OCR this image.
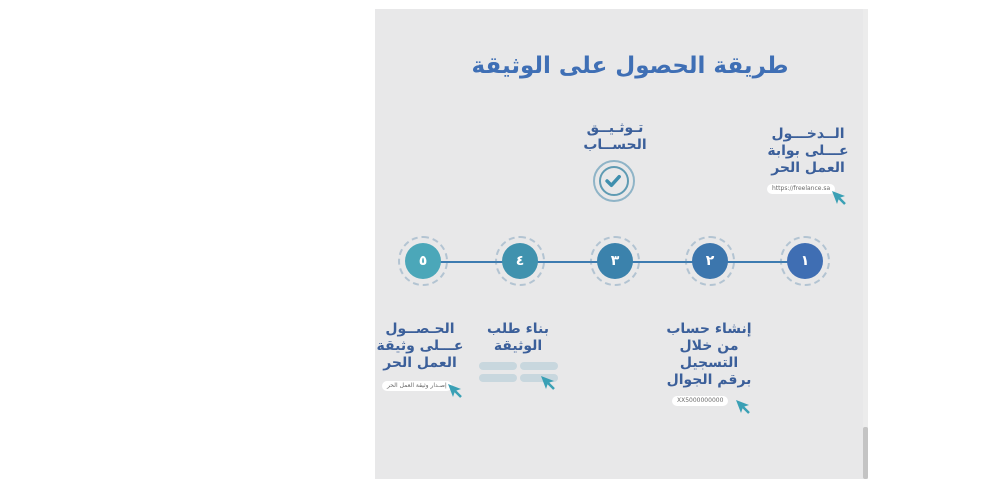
طريقة الحصول على الوثيقة
الــدخـــول
عـــلى بوابة
العمل الحر
https://freelance.sa
تـوثـيــق
الحســاب
١
٢
٣
٤
٥
إنشاء حساب
من خلال
التسجيل
برقم الجوال
XX5000000000
بناء طلب
الوثيقة
الحـصــول
عـــلى وثيقة
العمل الحر
إصـدار وثيقة العمل الحر
